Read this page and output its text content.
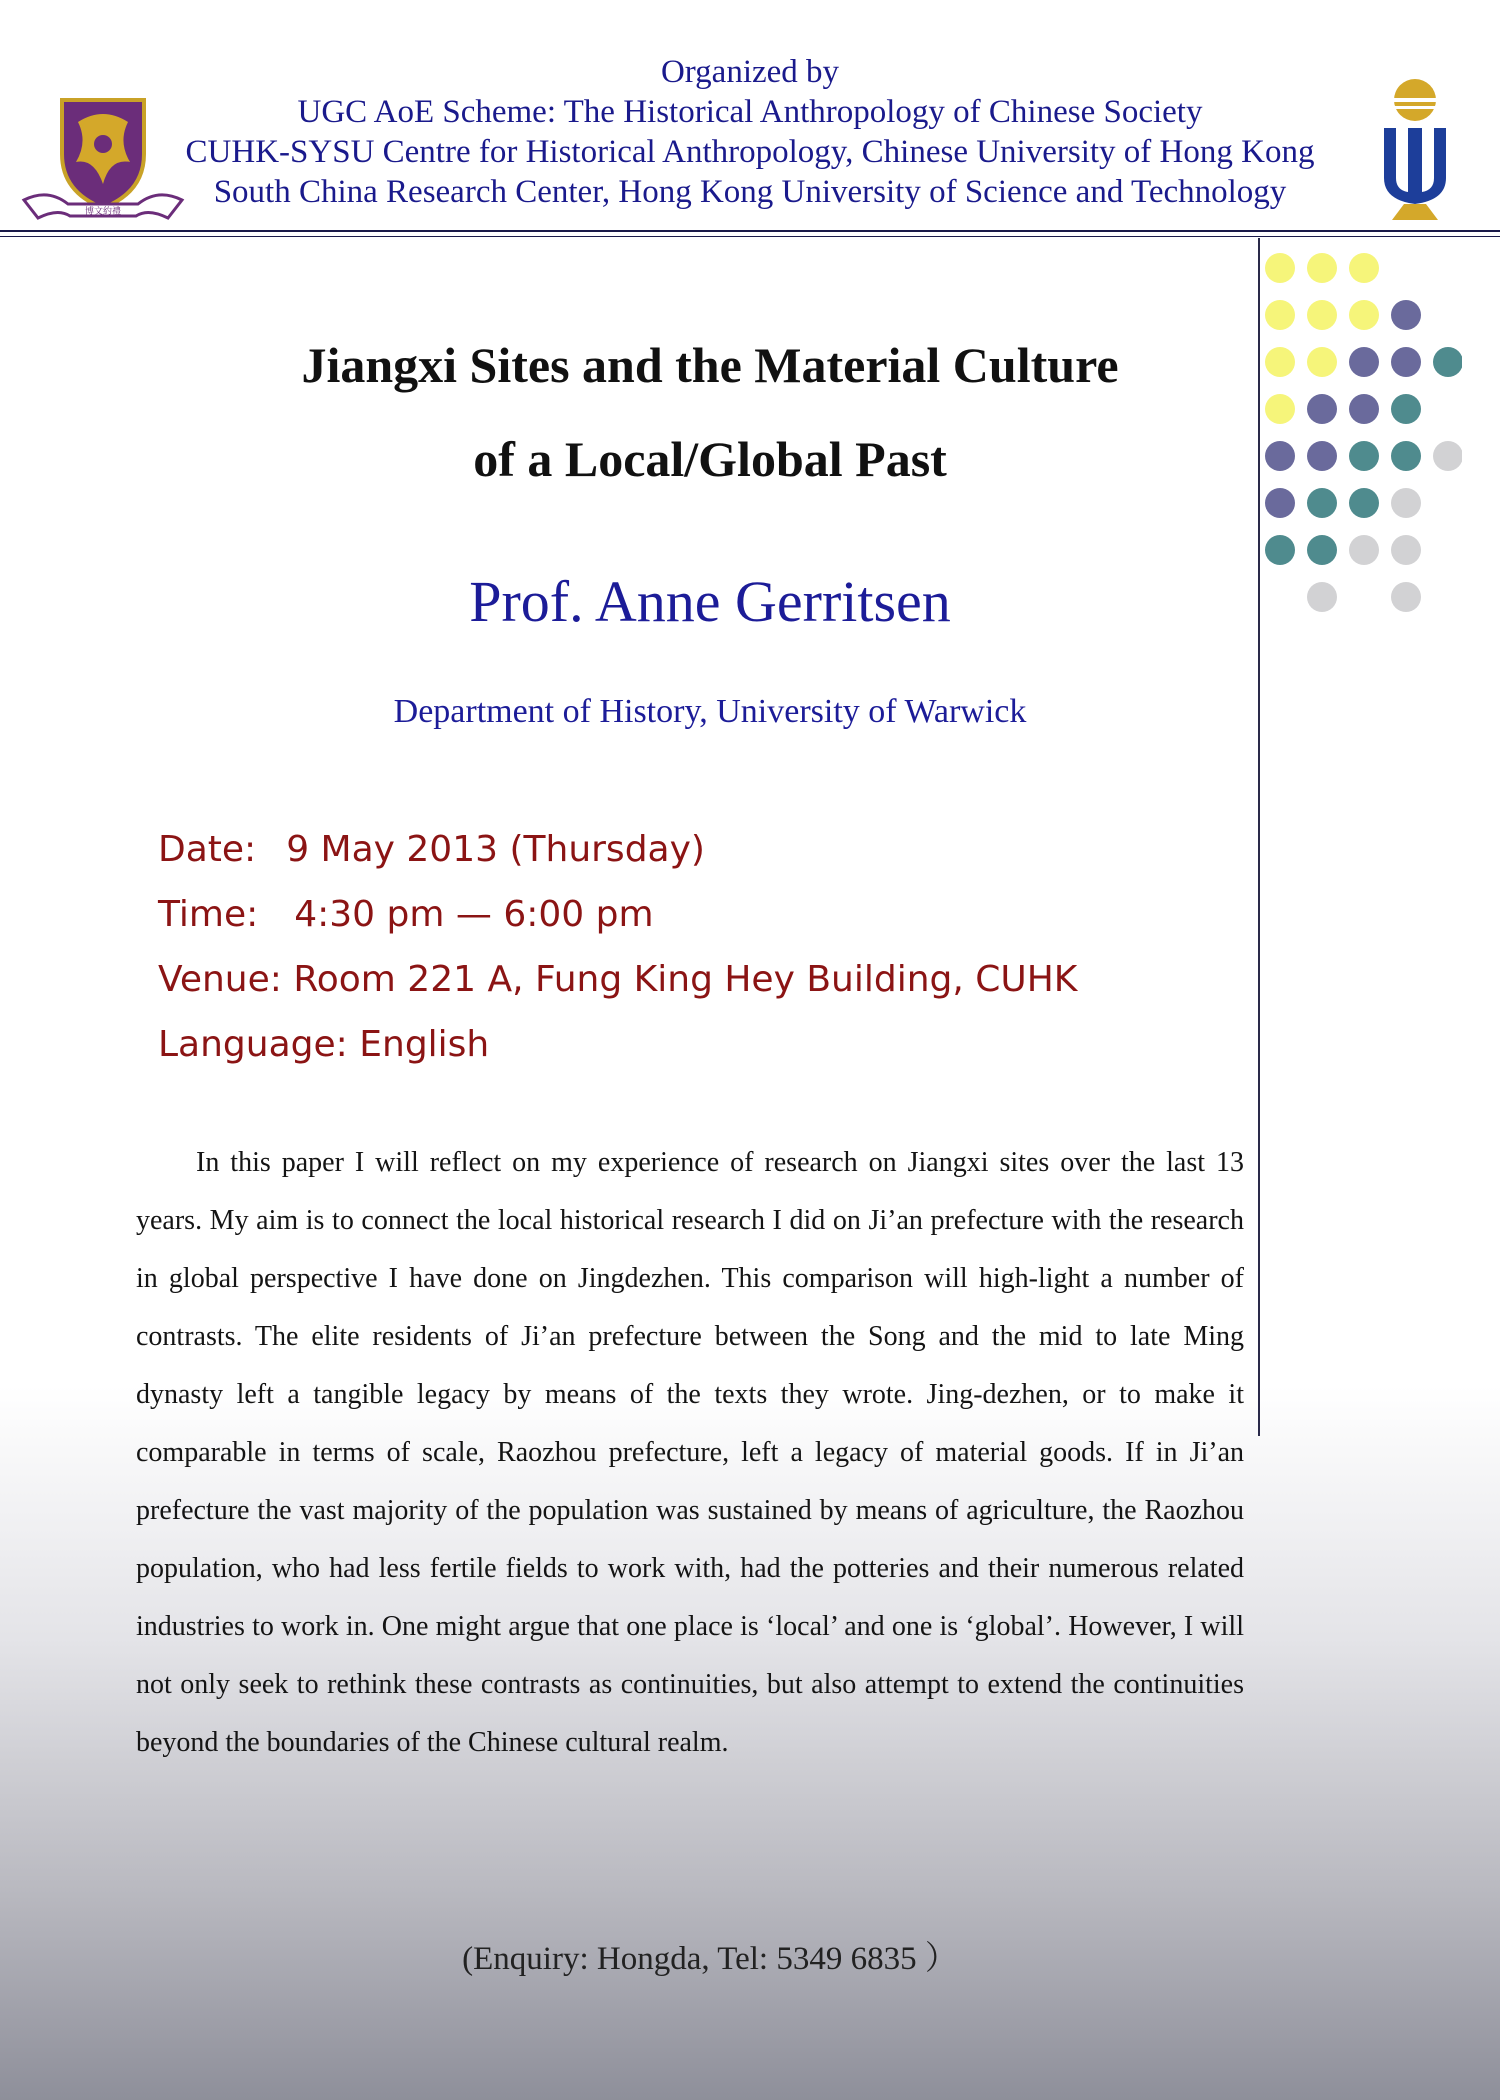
博文約禮
Organized by
UGC AoE Scheme: The Historical Anthropology of Chinese Society
CUHK-SYSU Centre for Historical Anthropology, Chinese University of Hong Kong
South China Research Center, Hong Kong University of Science and Technology
Jiangxi Sites and the Material Culture
of a Local/Global Past
Prof. Anne Gerritsen
Department of History, University of Warwick
Date: 9 May 2013 (Thursday)
Time: 4:30 pm — 6:00 pm
Venue: Room 221 A, Fung King Hey Building, CUHK
Language: English
In this paper I will reflect on my experience of research on Jiangxi sites over the last 13 years. My aim is to connect the local historical research I did on Ji’an prefecture with the research in global perspective I have done on Jingdezhen. This comparison will high-light a number of contrasts. The elite residents of Ji’an prefecture between the Song and the mid to late Ming dynasty left a tangible legacy by means of the texts they wrote. Jing-dezhen, or to make it comparable in terms of scale, Raozhou prefecture, left a legacy of material goods. If in Ji’an prefecture the vast majority of the population was sustained by means of agriculture, the Raozhou population, who had less fertile fields to work with, had the potteries and their numerous related industries to work in. One might argue that one place is ‘local’ and one is ‘global’. However, I will not only seek to rethink these contrasts as continuities, but also attempt to extend the continuities beyond the boundaries of the Chinese cultural realm.
(Enquiry: Hongda, Tel: 5349 6835 ）
